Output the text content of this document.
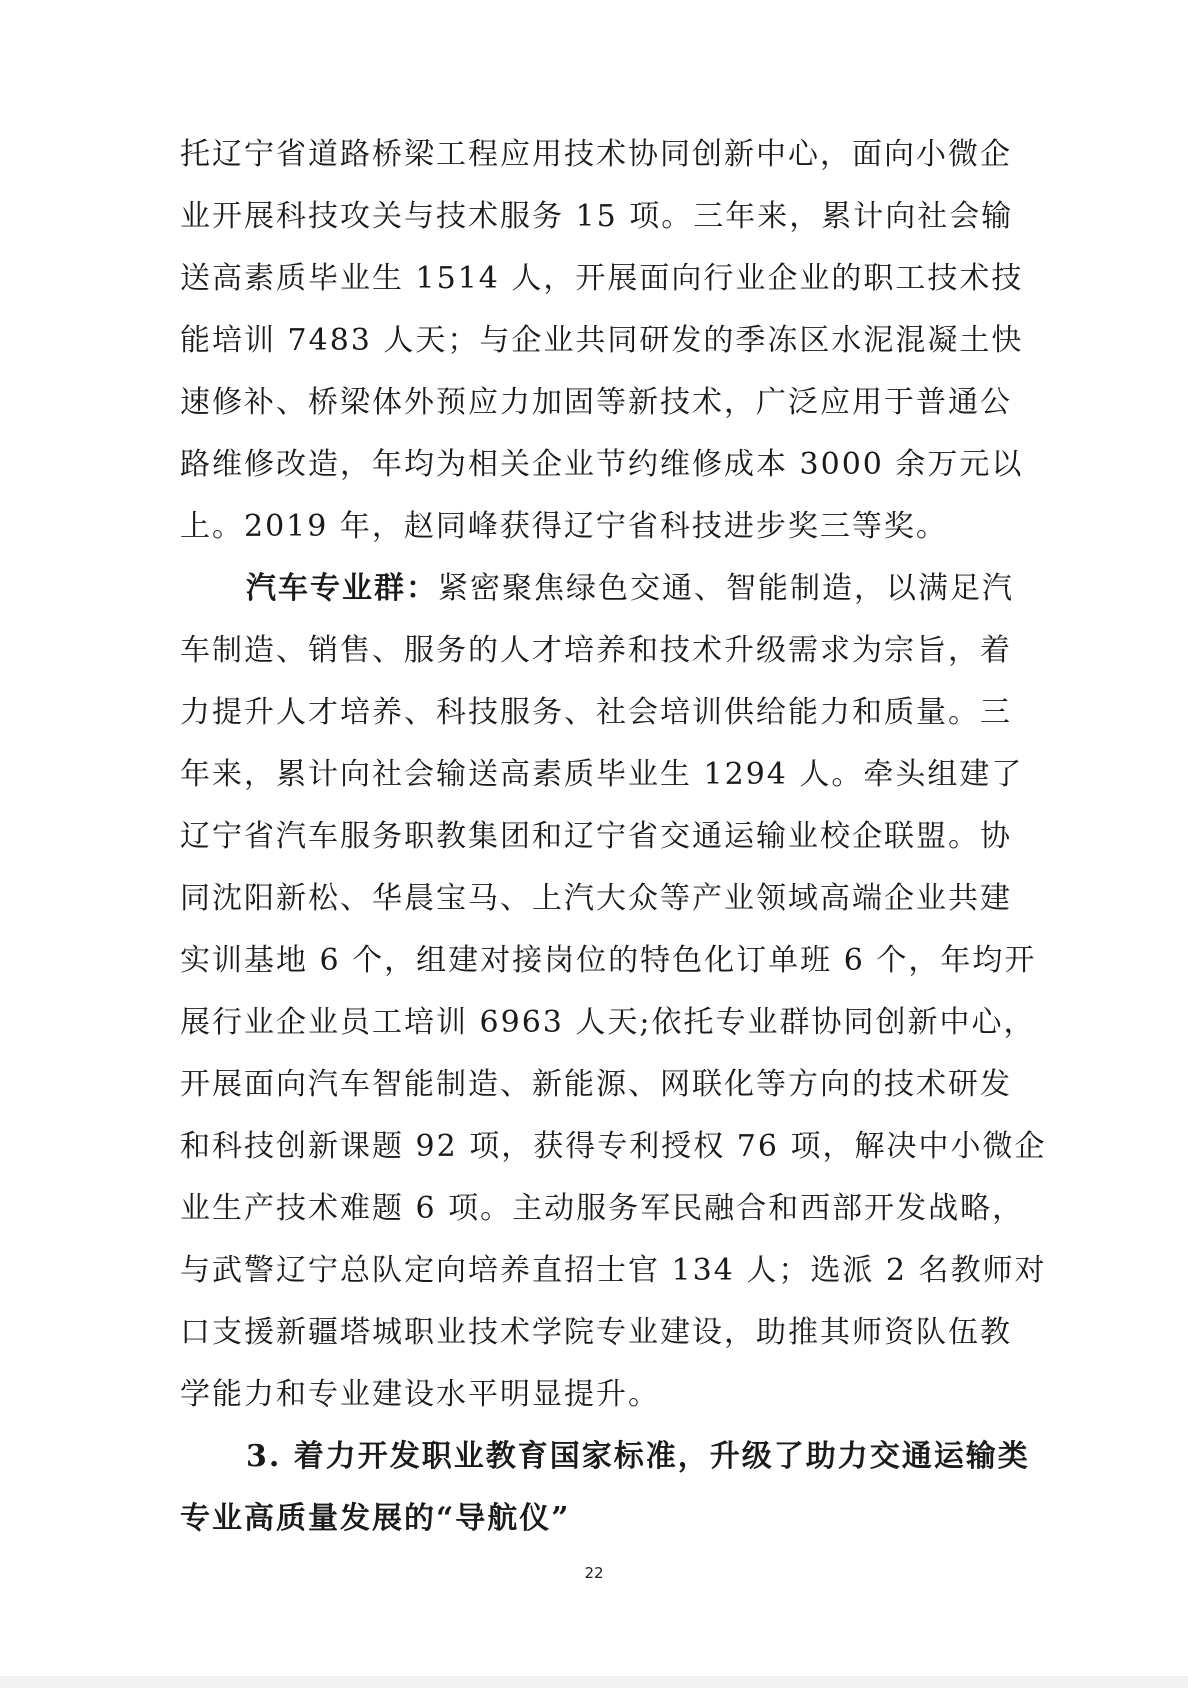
托辽宁省道路桥梁工程应用技术协同创新中心，面向小微企
业开展科技攻关与技术服务 15 项。三年来，累计向社会输
送高素质毕业生 1514 人，开展面向行业企业的职工技术技
能培训 7483 人天；与企业共同研发的季冻区水泥混凝土快
速修补、桥梁体外预应力加固等新技术，广泛应用于普通公
路维修改造，年均为相关企业节约维修成本 3000 余万元以
上。2019 年，赵同峰获得辽宁省科技进步奖三等奖。
汽车专业群：紧密聚焦绿色交通、智能制造，以满足汽
车制造、销售、服务的人才培养和技术升级需求为宗旨，着
力提升人才培养、科技服务、社会培训供给能力和质量。三
年来，累计向社会输送高素质毕业生 1294 人。牵头组建了
辽宁省汽车服务职教集团和辽宁省交通运输业校企联盟。协
同沈阳新松、华晨宝马、上汽大众等产业领域高端企业共建
实训基地 6 个，组建对接岗位的特色化订单班 6 个，年均开
展行业企业员工培训 6963 人天;依托专业群协同创新中心，
开展面向汽车智能制造、新能源、网联化等方向的技术研发
和科技创新课题 92 项，获得专利授权 76 项，解决中小微企
业生产技术难题 6 项。主动服务军民融合和西部开发战略，
与武警辽宁总队定向培养直招士官 134 人；选派 2 名教师对
口支援新疆塔城职业技术学院专业建设，助推其师资队伍教
学能力和专业建设水平明显提升。
3. 着力开发职业教育国家标准，升级了助力交通运输类
专业高质量发展的“导航仪”
22
